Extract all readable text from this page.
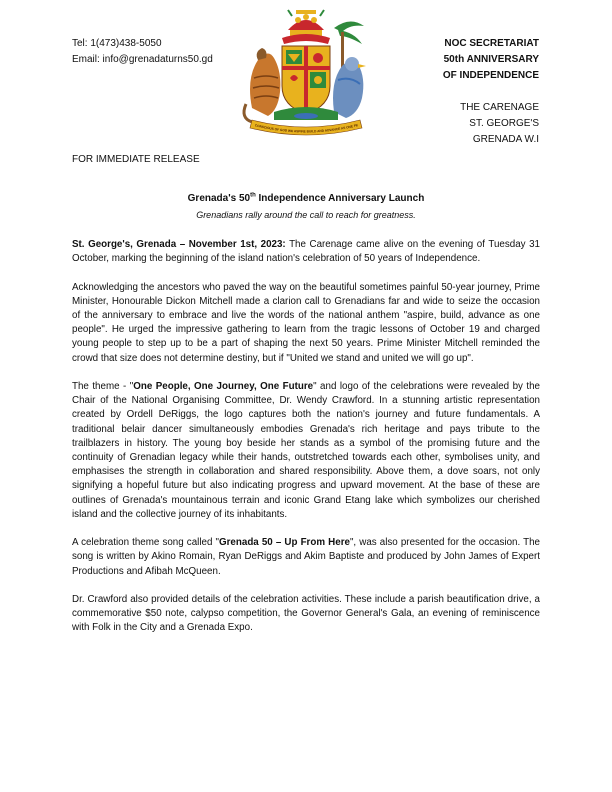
Tel: 1(473)438-5050
Email: info@grenadaturns50.gd
CONSCIOUS OF GOD WE ASPIRE BUILD AND ADVANCE AS ONE PE
NOC SECRETARIAT
50th ANNIVERSARY
OF INDEPENDENCE
THE CARENAGE
ST. GEORGE'S
GRENADA W.I
FOR IMMEDIATE RELEASE
Grenada's 50th Independence Anniversary Launch
Grenadians rally around the call to reach for greatness.

St. George's, Grenada – November 1st, 2023: The Carenage came alive on the evening of Tuesday 31 October, marking the beginning of the island nation's celebration of 50 years of Independence.

Acknowledging the ancestors who paved the way on the beautiful sometimes painful 50-year journey, Prime Minister, Honourable Dickon Mitchell made a clarion call to Grenadians far and wide to seize the occasion of the anniversary to embrace and live the words of the national anthem "aspire, build, advance as one people". He urged the impressive gathering to learn from the tragic lessons of October 19 and charged young people to step up to be a part of shaping the next 50 years. Prime Minister Mitchell reminded the crowd that size does not determine destiny, but if "United we stand and united we will go up".

The theme - "One People, One Journey, One Future" and logo of the celebrations were revealed by the Chair of the National Organising Committee, Dr. Wendy Crawford. In a stunning artistic representation created by Ordell DeRiggs, the logo captures both the nation's journey and future fundamentals. A traditional belair dancer simultaneously embodies Grenada's rich heritage and pays tribute to the trailblazers in history. The young boy beside her stands as a symbol of the promising future and the continuity of Grenadian legacy while their hands, outstretched towards each other, symbolises unity, and emphasises the strength in collaboration and shared responsibility. Above them, a dove soars, not only signifying a hopeful future but also indicating progress and upward movement. At the base of these are outlines of Grenada's mountainous terrain and iconic Grand Etang lake which symbolizes our cherished island and the collective journey of its inhabitants.

A celebration theme song called "Grenada 50 – Up From Here", was also presented for the occasion. The song is written by Akino Romain, Ryan DeRiggs and Akim Baptiste and produced by John James of Expert Productions and Afibah McQueen.

Dr. Crawford also provided details of the celebration activities. These include a parish beautification drive, a commemorative $50 note, calypso competition, the Governor General's Gala, an evening of reminiscence with Folk in the City and a Grenada Expo.
